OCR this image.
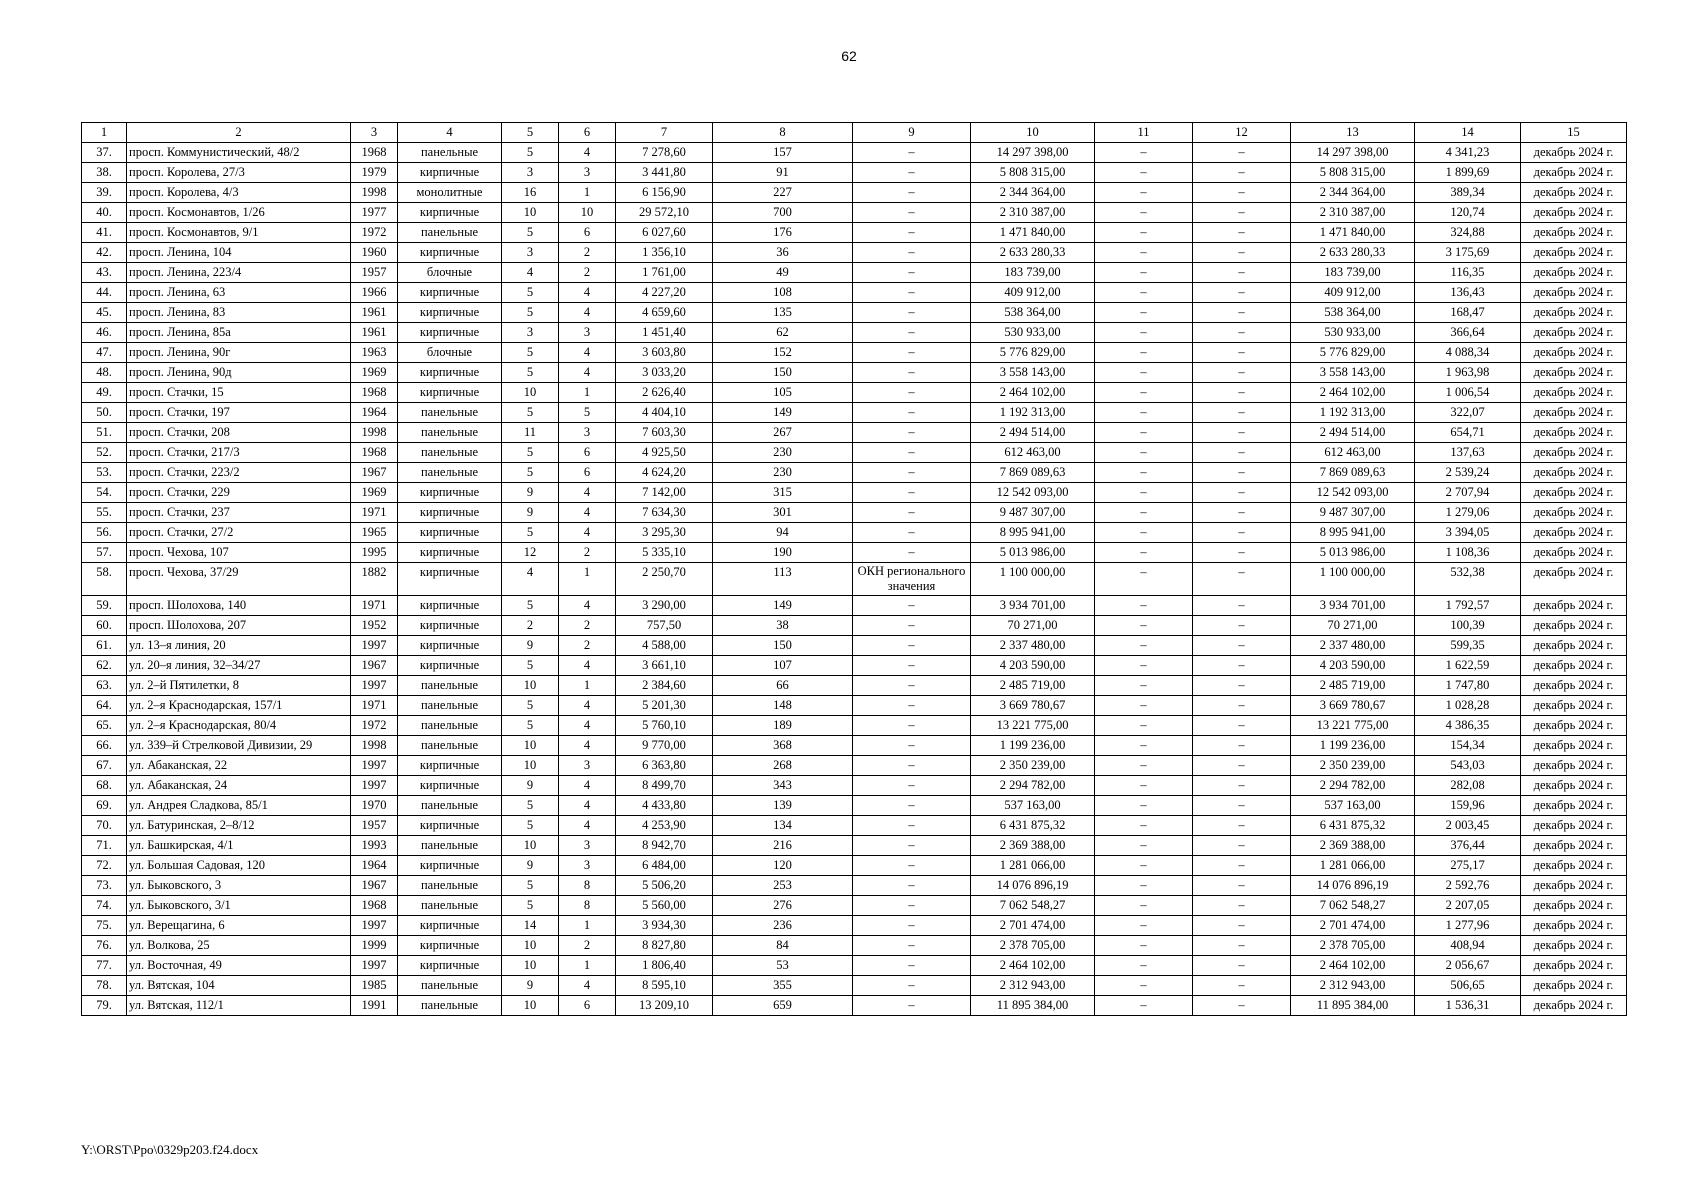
62
1	2	3	4	5	6	7	8	9	10	11	12	13	14	15
37.	просп. Коммунистический, 48/2	1968	панельные	5	4	7 278,60	157	–	14 297 398,00	–	–	14 297 398,00	4 341,23	декабрь 2024 г.
38.	просп. Королева, 27/3	1979	кирпичные	3	3	3 441,80	91	–	5 808 315,00	–	–	5 808 315,00	1 899,69	декабрь 2024 г.
39.	просп. Королева, 4/3	1998	монолитные	16	1	6 156,90	227	–	2 344 364,00	–	–	2 344 364,00	389,34	декабрь 2024 г.
40.	просп. Космонавтов, 1/26	1977	кирпичные	10	10	29 572,10	700	–	2 310 387,00	–	–	2 310 387,00	120,74	декабрь 2024 г.
41.	просп. Космонавтов, 9/1	1972	панельные	5	6	6 027,60	176	–	1 471 840,00	–	–	1 471 840,00	324,88	декабрь 2024 г.
42.	просп. Ленина, 104	1960	кирпичные	3	2	1 356,10	36	–	2 633 280,33	–	–	2 633 280,33	3 175,69	декабрь 2024 г.
43.	просп. Ленина, 223/4	1957	блочные	4	2	1 761,00	49	–	183 739,00	–	–	183 739,00	116,35	декабрь 2024 г.
44.	просп. Ленина, 63	1966	кирпичные	5	4	4 227,20	108	–	409 912,00	–	–	409 912,00	136,43	декабрь 2024 г.
45.	просп. Ленина, 83	1961	кирпичные	5	4	4 659,60	135	–	538 364,00	–	–	538 364,00	168,47	декабрь 2024 г.
46.	просп. Ленина, 85а	1961	кирпичные	3	3	1 451,40	62	–	530 933,00	–	–	530 933,00	366,64	декабрь 2024 г.
47.	просп. Ленина, 90г	1963	блочные	5	4	3 603,80	152	–	5 776 829,00	–	–	5 776 829,00	4 088,34	декабрь 2024 г.
48.	просп. Ленина, 90д	1969	кирпичные	5	4	3 033,20	150	–	3 558 143,00	–	–	3 558 143,00	1 963,98	декабрь 2024 г.
49.	просп. Стачки, 15	1968	кирпичные	10	1	2 626,40	105	–	2 464 102,00	–	–	2 464 102,00	1 006,54	декабрь 2024 г.
50.	просп. Стачки, 197	1964	панельные	5	5	4 404,10	149	–	1 192 313,00	–	–	1 192 313,00	322,07	декабрь 2024 г.
51.	просп. Стачки, 208	1998	панельные	11	3	7 603,30	267	–	2 494 514,00	–	–	2 494 514,00	654,71	декабрь 2024 г.
52.	просп. Стачки, 217/3	1968	панельные	5	6	4 925,50	230	–	612 463,00	–	–	612 463,00	137,63	декабрь 2024 г.
53.	просп. Стачки, 223/2	1967	панельные	5	6	4 624,20	230	–	7 869 089,63	–	–	7 869 089,63	2 539,24	декабрь 2024 г.
54.	просп. Стачки, 229	1969	кирпичные	9	4	7 142,00	315	–	12 542 093,00	–	–	12 542 093,00	2 707,94	декабрь 2024 г.
55.	просп. Стачки, 237	1971	кирпичные	9	4	7 634,30	301	–	9 487 307,00	–	–	9 487 307,00	1 279,06	декабрь 2024 г.
56.	просп. Стачки, 27/2	1965	кирпичные	5	4	3 295,30	94	–	8 995 941,00	–	–	8 995 941,00	3 394,05	декабрь 2024 г.
57.	просп. Чехова, 107	1995	кирпичные	12	2	5 335,10	190	–	5 013 986,00	–	–	5 013 986,00	1 108,36	декабрь 2024 г.
58.	просп. Чехова, 37/29	1882	кирпичные	4	1	2 250,70	113	ОКН регионального значения	1 100 000,00	–	–	1 100 000,00	532,38	декабрь 2024 г.
59.	просп. Шолохова, 140	1971	кирпичные	5	4	3 290,00	149	–	3 934 701,00	–	–	3 934 701,00	1 792,57	декабрь 2024 г.
60.	просп. Шолохова, 207	1952	кирпичные	2	2	757,50	38	–	70 271,00	–	–	70 271,00	100,39	декабрь 2024 г.
61.	ул. 13–я линия, 20	1997	кирпичные	9	2	4 588,00	150	–	2 337 480,00	–	–	2 337 480,00	599,35	декабрь 2024 г.
62.	ул. 20–я линия, 32–34/27	1967	кирпичные	5	4	3 661,10	107	–	4 203 590,00	–	–	4 203 590,00	1 622,59	декабрь 2024 г.
63.	ул. 2–й Пятилетки, 8	1997	панельные	10	1	2 384,60	66	–	2 485 719,00	–	–	2 485 719,00	1 747,80	декабрь 2024 г.
64.	ул. 2–я Краснодарская, 157/1	1971	панельные	5	4	5 201,30	148	–	3 669 780,67	–	–	3 669 780,67	1 028,28	декабрь 2024 г.
65.	ул. 2–я Краснодарская, 80/4	1972	панельные	5	4	5 760,10	189	–	13 221 775,00	–	–	13 221 775,00	4 386,35	декабрь 2024 г.
66.	ул. 339–й Стрелковой Дивизии, 29	1998	панельные	10	4	9 770,00	368	–	1 199 236,00	–	–	1 199 236,00	154,34	декабрь 2024 г.
67.	ул. Абаканская, 22	1997	кирпичные	10	3	6 363,80	268	–	2 350 239,00	–	–	2 350 239,00	543,03	декабрь 2024 г.
68.	ул. Абаканская, 24	1997	кирпичные	9	4	8 499,70	343	–	2 294 782,00	–	–	2 294 782,00	282,08	декабрь 2024 г.
69.	ул. Андрея Сладкова, 85/1	1970	панельные	5	4	4 433,80	139	–	537 163,00	–	–	537 163,00	159,96	декабрь 2024 г.
70.	ул. Батуринская, 2–8/12	1957	кирпичные	5	4	4 253,90	134	–	6 431 875,32	–	–	6 431 875,32	2 003,45	декабрь 2024 г.
71.	ул. Башкирская, 4/1	1993	панельные	10	3	8 942,70	216	–	2 369 388,00	–	–	2 369 388,00	376,44	декабрь 2024 г.
72.	ул. Большая Садовая, 120	1964	кирпичные	9	3	6 484,00	120	–	1 281 066,00	–	–	1 281 066,00	275,17	декабрь 2024 г.
73.	ул. Быковского, 3	1967	панельные	5	8	5 506,20	253	–	14 076 896,19	–	–	14 076 896,19	2 592,76	декабрь 2024 г.
74.	ул. Быковского, 3/1	1968	панельные	5	8	5 560,00	276	–	7 062 548,27	–	–	7 062 548,27	2 207,05	декабрь 2024 г.
75.	ул. Верещагина, 6	1997	кирпичные	14	1	3 934,30	236	–	2 701 474,00	–	–	2 701 474,00	1 277,96	декабрь 2024 г.
76.	ул. Волкова, 25	1999	кирпичные	10	2	8 827,80	84	–	2 378 705,00	–	–	2 378 705,00	408,94	декабрь 2024 г.
77.	ул. Восточная, 49	1997	кирпичные	10	1	1 806,40	53	–	2 464 102,00	–	–	2 464 102,00	2 056,67	декабрь 2024 г.
78.	ул. Вятская, 104	1985	панельные	9	4	8 595,10	355	–	2 312 943,00	–	–	2 312 943,00	506,65	декабрь 2024 г.
79.	ул. Вятская, 112/1	1991	панельные	10	6	13 209,10	659	–	11 895 384,00	–	–	11 895 384,00	1 536,31	декабрь 2024 г.
Y:\ORST\Ppo\0329p203.f24.docx
